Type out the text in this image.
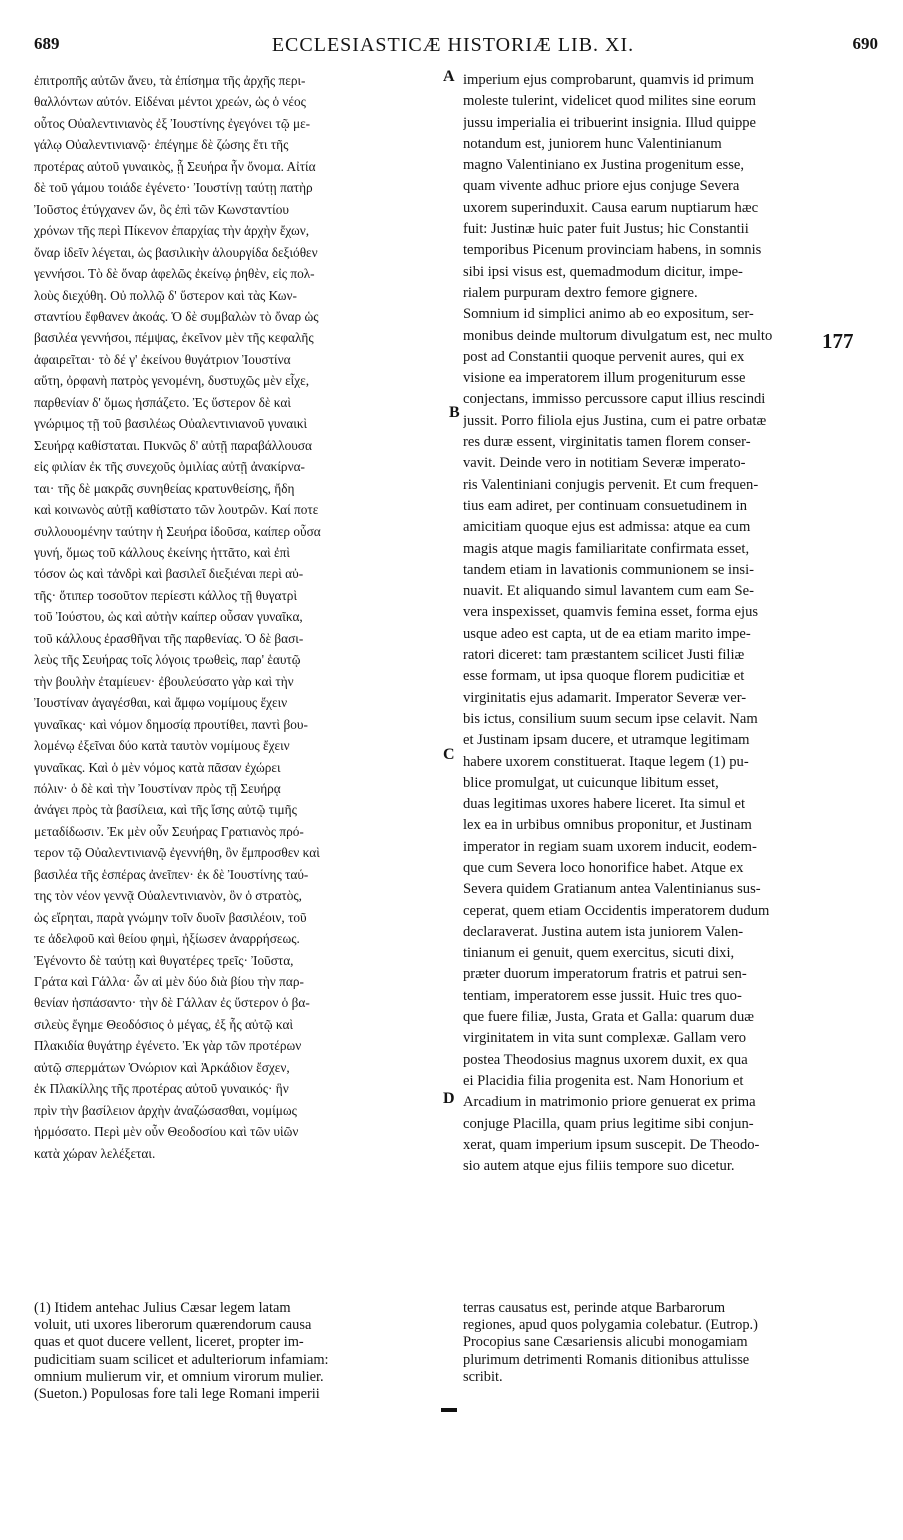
689	ECCLESIASTICÆ HISTORIÆ LIB. XI.	690
ἐπιτροπῆς αὐτῶν ἄνευ, τὰ ἐπίσημα τῆς ἀρχῆς περι-
θαλλόντων αὐτόν. Εἰδέναι μέντοι χρεών, ὡς ὁ νέος
οὗτος Οὐαλεντινιανὸς ἐξ Ἰουστίνης ἐγεγόνει τῷ με-
γάλῳ Οὐαλεντινιανῷ· ἐπέγημε δὲ ζώσης ἔτι τῆς
προτέρας αὐτοῦ γυναικὸς, ᾗ Σευήρα ἦν ὄνομα. Αἰτία
δὲ τοῦ γάμου τοιάδε ἐγένετο· Ἰουστίνῃ ταύτῃ πατὴρ
Ἰοῦστος ἐτύγχανεν ὤν, ὃς ἐπὶ τῶν Κωνσταντίου
χρόνων τῆς περὶ Πίκενον ἐπαρχίας τὴν ἀρχὴν ἔχων,
ὄναρ ἰδεῖν λέγεται, ὡς βασιλικὴν ἁλουργίδα δεξιόθεν
γεννήσοι. Τὸ δὲ ὄναρ ἀφελῶς ἐκείνῳ ῥηθὲν, εἰς πολ-
λοὺς διεχύθη. Οὐ πολλῷ δ' ὕστερον καὶ τὰς Κων-
σταντίου ἔφθανεν ἀκοάς. Ὁ δὲ συμβαλὼν τὸ ὄναρ ὡς
βασιλέα γεννήσοι, πέμψας, ἐκεῖνον μὲν τῆς κεφαλῆς
ἀφαιρεῖται· τὸ δέ γ' ἐκείνου θυγάτριον Ἰουστίνα
αὕτη, ὀρφανὴ πατρὸς γενομένη, δυστυχῶς μὲν εἶχε,
παρθενίαν δ' ὅμως ἠσπάζετο. Ἐς ὕστερον δὲ καὶ
γνώριμος τῇ τοῦ βασιλέως Οὐαλεντινιανοῦ γυναικὶ
Σευήρᾳ καθίσταται. Πυκνῶς δ' αὐτῇ παραβάλλουσα
εἰς φιλίαν ἐκ τῆς συνεχοῦς ὁμιλίας αὐτῇ ἀνακίρνα-
ται· τῆς δὲ μακρᾶς συνηθείας κρατυνθείσης, ἤδη
καὶ κοινωνὸς αὐτῇ καθίστατο τῶν λουτρῶν. Καί ποτε
συλλουομένην ταύτην ἡ Σευήρα ἰδοῦσα, καίπερ οὖσα
γυνή, ὅμως τοῦ κάλλους ἐκείνης ἡττᾶτο, καὶ ἐπὶ
τόσον ὡς καὶ τἀνδρὶ καὶ βασιλεῖ διεξιέναι περὶ αὐ-
τῆς· ὅτιπερ τοσοῦτον περίεστι κάλλος τῇ θυγατρὶ
τοῦ Ἰούστου, ὡς καὶ αὐτὴν καίπερ οὖσαν γυναῖκα,
τοῦ κάλλους ἐρασθῆναι τῆς παρθενίας. Ὁ δὲ βασι-
λεὺς τῆς Σευήρας τοῖς λόγοις τρωθεὶς, παρ' ἑαυτῷ
τὴν βουλὴν ἐταμίευεν· ἐβουλεύσατο γὰρ καὶ τὴν
Ἰουστίναν ἀγαγέσθαι, καὶ ἄμφω νομίμους ἔχειν
γυναῖκας· καὶ νόμον δημοσίᾳ προυτίθει, παντὶ βου-
λομένῳ ἐξεῖναι δύο κατὰ ταυτὸν νομίμους ἔχειν
γυναῖκας. Καὶ ὁ μὲν νόμος κατὰ πᾶσαν ἐχώρει
πόλιν· ὁ δὲ καὶ τὴν Ἰουστίναν πρὸς τῇ Σευήρᾳ
ἀνάγει πρὸς τὰ βασίλεια, καὶ τῆς ἴσης αὐτῷ τιμῆς
μεταδίδωσιν. Ἐκ μὲν οὖν Σευήρας Γρατιανὸς πρό-
τερον τῷ Οὐαλεντινιανῷ ἐγεννήθη, ὃν ἔμπροσθεν καὶ
βασιλέα τῆς ἑσπέρας ἀνεῖπεν· ἐκ δὲ Ἰουστίνης ταύ-
της τὸν νέον γεννᾷ Οὐαλεντινιανὸν, ὃν ὁ στρατὸς,
ὡς εἴρηται, παρὰ γνώμην τοῖν δυοῖν βασιλέοιν, τοῦ
τε ἀδελφοῦ καὶ θείου φημὶ, ἠξίωσεν ἀναρρήσεως.
Ἐγένοντο δὲ ταύτῃ καὶ θυγατέρες τρεῖς· Ἰοῦστα,
Γράτα καὶ Γάλλα· ὧν αἱ μὲν δύο διὰ βίου τὴν παρ-
θενίαν ἠσπάσαντο· τὴν δὲ Γάλλαν ἐς ὕστερον ὁ βα-
σιλεὺς ἔγημε Θεοδόσιος ὁ μέγας, ἐξ ἧς αὐτῷ καὶ
Πλακιδία θυγάτηρ ἐγένετο. Ἐκ γὰρ τῶν προτέρων
αὐτῷ σπερμάτων Ὁνώριον καὶ Ἀρκάδιον ἔσχεν,
ἐκ Πλακίλλης τῆς προτέρας αὐτοῦ γυναικός· ἣν
πρὶν τὴν βασίλειον ἀρχὴν ἀναζώσασθαι, νομίμως
ἡρμόσατο. Περὶ μὲν οὖν Θεοδοσίου καὶ τῶν υἱῶν
κατὰ χώραν λελέξεται.
imperium ejus comprobarunt, quamvis id primum
moleste tulerint, videlicet quod milites sine eorum
jussu imperialia ei tribuerint insignia. Illud quippe
notandum est, juniorem hunc Valentinianum
magno Valentiniano ex Justina progenitum esse,
quam vivente adhuc priore ejus conjuge Severa
uxorem superinduxit. Causa earum nuptiarum hæc
fuit: Justinæ huic pater fuit Justus; hic Constantii
temporibus Picenum provinciam habens, in somnis
sibi ipsi visus est, quemadmodum dicitur, impe-
rialem purpuram dextro femore gignere.
Somnium id simplici animo ab eo expositum, ser-
monibus deinde multorum divulgatum est, nec multo
post ad Constantii quoque pervenit aures, qui ex
visione ea imperatorem illum progeniturum esse
conjectans, immisso percussore caput illius rescindi
jussit. Porro filiola ejus Justina, cum ei patre orbatæ
res duræ essent, virginitatis tamen florem conser-
vavit. Deinde vero in notitiam Severæ imperato-
ris Valentiniani conjugis pervenit. Et cum frequen-
tius eam adiret, per continuam consuetudinem in
amicitiam quoque ejus est admissa: atque ea cum
magis atque magis familiaritate confirmata esset,
tandem etiam in lavationis communionem se insi-
nuavit. Et aliquando simul lavantem cum eam Se-
vera inspexisset, quamvis femina esset, forma ejus
usque adeo est capta, ut de ea etiam marito impe-
ratori diceret: tam præstantem scilicet Justi filiæ
esse formam, ut ipsa quoque florem pudicitiæ et
virginitatis ejus adamarit. Imperator Severæ ver-
bis ictus, consilium suum secum ipse celavit. Nam
et Justinam ipsam ducere, et utramque legitimam
habere uxorem constituerat. Itaque legem (1) pu-
blice promulgat, ut cuicunque libitum esset,
duas legitimas uxores habere liceret. Ita simul et
lex ea in urbibus omnibus proponitur, et Justinam
imperator in regiam suam uxorem inducit, eodem-
que cum Severa loco honorifice habet. Atque ex
Severa quidem Gratianum antea Valentinianus sus-
ceperat, quem etiam Occidentis imperatorem dudum
declaraverat. Justina autem ista juniorem Valen-
tinianum ei genuit, quem exercitus, sicuti dixi,
præter duorum imperatorum fratris et patrui sen-
tentiam, imperatorem esse jussit. Huic tres quo-
que fuere filiæ, Justa, Grata et Galla: quarum duæ
virginitatem in vita sunt complexæ. Gallam vero
postea Theodosius magnus uxorem duxit, ex qua
ei Placidia filia progenita est. Nam Honorium et
Arcadium in matrimonio priore genuerat ex prima
conjuge Placilla, quam prius legitime sibi conjun-
xerat, quam imperium ipsum suscepit. De Theodo-
sio autem atque ejus filiis tempore suo dicetur.
A
B
C
D
177
(1) Itidem antehac Julius Cæsar legem latam
voluit, uti uxores liberorum quærendorum causa
quas et quot ducere vellent, liceret, propter im-
pudicitiam suam scilicet et adulteriorum infamiam:
omnium mulierum vir, et omnium virorum mulier.
(Sueton.) Populosas fore tali lege Romani imperii
terras causatus est, perinde atque Barbarorum
regiones, apud quos polygamia colebatur. (Eutrop.)
Procopius sane Cæsariensis alicubi monogamiam
plurimum detrimenti Romanis ditionibus attulisse
scribit.
